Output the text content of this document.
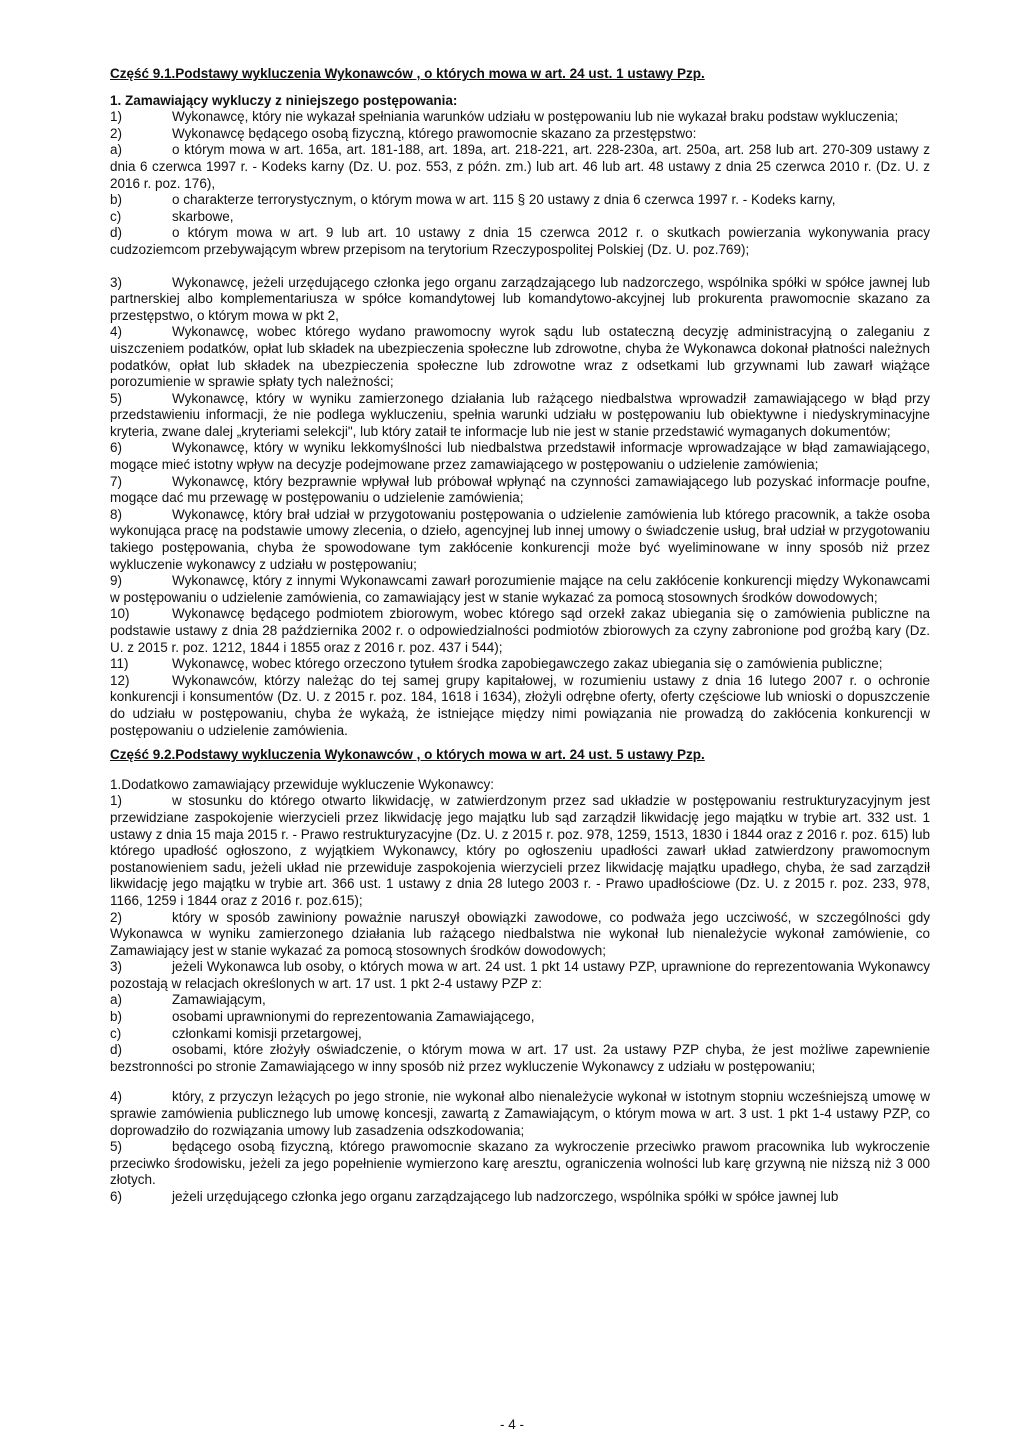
Część 9.1.Podstawy wykluczenia Wykonawców , o których mowa w art. 24 ust. 1 ustawy Pzp.

1. Zamawiający wykluczy z niniejszego postępowania:

1)	Wykonawcę, który nie wykazał spełniania warunków udziału w postępowaniu lub nie wykazał braku podstaw wykluczenia;

2)	Wykonawcę będącego osobą fizyczną, którego prawomocnie skazano za przestępstwo:

a)	o którym mowa w art. 165a, art. 181-188, art. 189a, art. 218-221, art. 228-230a, art. 250a, art. 258 lub art. 270-309 ustawy z dnia 6 czerwca 1997 r. - Kodeks karny (Dz. U. poz. 553, z późn. zm.) lub art. 46 lub art. 48 ustawy z dnia 25 czerwca 2010 r. (Dz. U. z 2016 r. poz. 176),

b)	o charakterze terrorystycznym, o którym mowa w art. 115 § 20 ustawy z dnia 6 czerwca 1997 r. - Kodeks karny,

c)	skarbowe,

d)	o którym mowa w art. 9 lub art. 10 ustawy z dnia 15 czerwca 2012 r. o skutkach powierzania wykonywania pracy cudzoziemcom przebywającym wbrew przepisom na terytorium Rzeczypospolitej Polskiej (Dz. U. poz.769);

3)	Wykonawcę, jeżeli urzędującego członka jego organu zarządzającego lub nadzorczego, wspólnika spółki w spółce jawnej lub partnerskiej albo komplementariusza w spółce komandytowej lub komandytowo-akcyjnej lub prokurenta prawomocnie skazano za przestępstwo, o którym mowa w pkt 2,

4)	Wykonawcę, wobec którego wydano prawomocny wyrok sądu lub ostateczną decyzję administracyjną o zaleganiu z uiszczeniem podatków, opłat lub składek na ubezpieczenia społeczne lub zdrowotne, chyba że Wykonawca dokonał płatności należnych podatków, opłat lub składek na ubezpieczenia społeczne lub zdrowotne wraz z odsetkami lub grzywnami lub zawarł wiążące porozumienie w sprawie spłaty tych należności;

5)	Wykonawcę, który w wyniku zamierzonego działania lub rażącego niedbalstwa wprowadził zamawiającego w błąd przy przedstawieniu informacji, że nie podlega wykluczeniu, spełnia warunki udziału w postępowaniu lub obiektywne i niedyskryminacyjne kryteria, zwane dalej „kryteriami selekcji", lub który zataił te informacje lub nie jest w stanie przedstawić wymaganych dokumentów;

6)	Wykonawcę, który w wyniku lekkomyślności lub niedbalstwa przedstawił informacje wprowadzające w błąd zamawiającego, mogące mieć istotny wpływ na decyzje podejmowane przez zamawiającego w postępowaniu o udzielenie zamówienia;

7)	Wykonawcę, który bezprawnie wpływał lub próbował wpłynąć na czynności zamawiającego lub pozyskać informacje poufne, mogące dać mu przewagę w postępowaniu o udzielenie zamówienia;

8)	Wykonawcę, który brał udział w przygotowaniu postępowania o udzielenie zamówienia lub którego pracownik, a także osoba wykonująca pracę na podstawie umowy zlecenia, o dzieło, agencyjnej lub innej umowy o świadczenie usług, brał udział w przygotowaniu takiego postępowania, chyba że spowodowane tym zakłócenie konkurencji może być wyeliminowane w inny sposób niż przez wykluczenie wykonawcy z udziału w postępowaniu;

9)	Wykonawcę, który z innymi Wykonawcami zawarł porozumienie mające na celu zakłócenie konkurencji między Wykonawcami w postępowaniu o udzielenie zamówienia, co zamawiający jest w stanie wykazać za pomocą stosownych środków dowodowych;

10)	Wykonawcę będącego podmiotem zbiorowym, wobec którego sąd orzekł zakaz ubiegania się o zamówienia publiczne na podstawie ustawy z dnia 28 października 2002 r. o odpowiedzialności podmiotów zbiorowych za czyny zabronione pod groźbą kary (Dz. U. z 2015 r. poz. 1212, 1844 i 1855 oraz z 2016 r. poz. 437 i 544);

11)	Wykonawcę, wobec którego orzeczono tytułem środka zapobiegawczego zakaz ubiegania się o zamówienia publiczne;

12)	Wykonawców, którzy należąc do tej samej grupy kapitałowej, w rozumieniu ustawy z dnia 16 lutego 2007 r. o ochronie konkurencji i konsumentów (Dz. U. z 2015 r. poz. 184, 1618 i 1634), złożyli odrębne oferty, oferty częściowe lub wnioski o dopuszczenie do udziału w postępowaniu, chyba że wykażą, że istniejące między nimi powiązania nie prowadzą do zakłócenia konkurencji w postępowaniu o udzielenie zamówienia.

Część 9.2.Podstawy wykluczenia Wykonawców , o których mowa w art. 24 ust. 5 ustawy Pzp.

1.Dodatkowo zamawiający przewiduje wykluczenie Wykonawcy:

1)	w stosunku do którego otwarto likwidację, w zatwierdzonym przez sad układzie w postępowaniu restrukturyzacyjnym jest przewidziane zaspokojenie wierzycieli przez likwidację jego majątku lub sąd zarządził likwidację jego majątku w trybie art. 332 ust. 1 ustawy z dnia 15 maja 2015 r. - Prawo restrukturyzacyjne (Dz. U. z 2015 r. poz. 978, 1259, 1513, 1830 i 1844 oraz z 2016 r. poz. 615) lub którego upadłość ogłoszono, z wyjątkiem Wykonawcy, który po ogłoszeniu upadłości zawarł układ zatwierdzony prawomocnym postanowieniem sadu, jeżeli układ nie przewiduje zaspokojenia wierzycieli przez likwidację majątku upadłego, chyba, że sad zarządził likwidację jego majątku w trybie art. 366 ust. 1 ustawy z dnia 28 lutego 2003 r. - Prawo upadłościowe (Dz. U. z 2015 r. poz. 233, 978, 1166, 1259 i 1844 oraz z 2016 r. poz.615);

2)	który w sposób zawiniony poważnie naruszył obowiązki zawodowe, co podważa jego uczciwość, w szczególności gdy Wykonawca w wyniku zamierzonego działania lub rażącego niedbalstwa nie wykonał lub nienależycie wykonał zamówienie, co Zamawiający jest w stanie wykazać za pomocą stosownych środków dowodowych;

3)	jeżeli Wykonawca lub osoby, o których mowa w art. 24 ust. 1 pkt 14 ustawy PZP, uprawnione do reprezentowania Wykonawcy pozostają w relacjach określonych w art. 17 ust. 1 pkt 2-4 ustawy PZP z:

a)	Zamawiającym,

b)	osobami uprawnionymi do reprezentowania Zamawiającego,

c)	członkami komisji przetargowej,

d)	osobami, które złożyły oświadczenie, o którym mowa w art. 17 ust. 2a ustawy PZP chyba, że jest możliwe zapewnienie bezstronności po stronie Zamawiającego w inny sposób niż przez wykluczenie Wykonawcy z udziału w postępowaniu;

4)	który, z przyczyn leżących po jego stronie, nie wykonał albo nienależycie wykonał w istotnym stopniu wcześniejszą umowę w sprawie zamówienia publicznego lub umowę koncesji, zawartą z Zamawiającym, o którym mowa w art. 3 ust. 1 pkt 1-4 ustawy PZP, co doprowadziło do rozwiązania umowy lub zasadzenia odszkodowania;

5)	będącego osobą fizyczną, którego prawomocnie skazano za wykroczenie przeciwko prawom pracownika lub wykroczenie przeciwko środowisku, jeżeli za jego popełnienie wymierzono karę aresztu, ograniczenia wolności lub karę grzywną nie niższą niż 3 000 złotych.

6)	jeżeli urzędującego członka jego organu zarządzającego lub nadzorczego, wspólnika spółki w spółce jawnej lub

- 4 -
